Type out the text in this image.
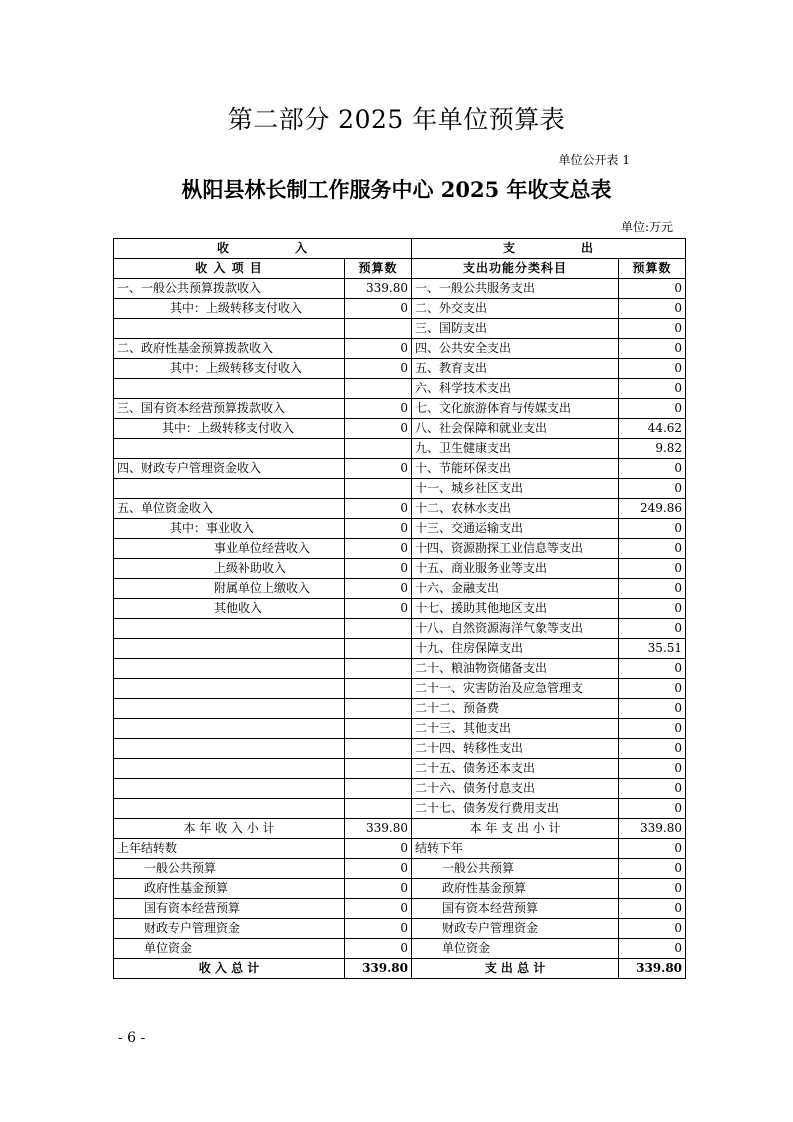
第二部分 2025 年单位预算表
单位公开表 1
枞阳县林长制工作服务中心 2025 年收支总表
单位:万元
收　　　　　入		支　　　　　出	
收 入 项 目	预算数	支出功能分类科目	预算数
一、一般公共预算拨款收入	339.80	一、一般公共服务支出	0
其中：上级转移支付收入	0	二、外交支出	0
		三、国防支出	0
二、政府性基金预算拨款收入	0	四、公共安全支出	0
其中：上级转移支付收入	0	五、教育支出	0
		六、科学技术支出	0
三、国有资本经营预算拨款收入	0	七、文化旅游体育与传媒支出	0
其中：上级转移支付收入	0	八、社会保障和就业支出	44.62
		九、卫生健康支出	9.82
四、财政专户管理资金收入	0	十、节能环保支出	0
		十一、城乡社区支出	0
五、单位资金收入	0	十二、农林水支出	249.86
其中：事业收入	0	十三、交通运输支出	0
事业单位经营收入	0	十四、资源勘探工业信息等支出	0
上级补助收入	0	十五、商业服务业等支出	0
附属单位上缴收入	0	十六、金融支出	0
其他收入	0	十七、援助其他地区支出	0
		十八、自然资源海洋气象等支出	0
		十九、住房保障支出	35.51
		二十、粮油物资储备支出	0
		二十一、灾害防治及应急管理支	0
		二十二、预备费	0
		二十三、其他支出	0
		二十四、转移性支出	0
		二十五、债务还本支出	0
		二十六、债务付息支出	0
		二十七、债务发行费用支出	0
本 年 收 入 小 计	339.80	本 年 支 出 小 计	339.80
上年结转数	0	结转下年	0
一般公共预算	0	一般公共预算	0
政府性基金预算	0	政府性基金预算	0
国有资本经营预算	0	国有资本经营预算	0
财政专户管理资金	0	财政专户管理资金	0
单位资金	0	单位资金	0
收 入 总 计	339.80	支 出 总 计	339.80
- 6 -
